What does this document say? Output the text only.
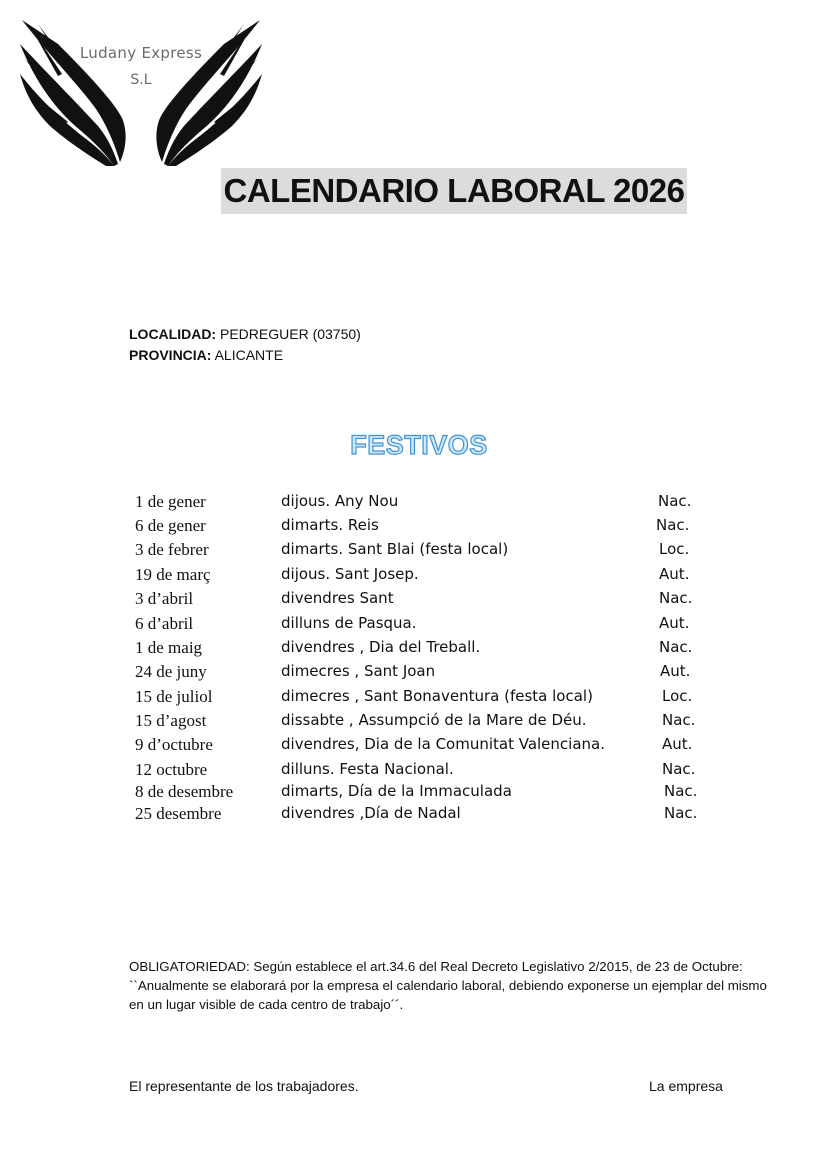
Ludany Express
S.L
CALENDARIO LABORAL 2026
LOCALIDAD: PEDREGUER (03750)
PROVINCIA: ALICANTE
FESTIVOS
1 de gener	dijous. Any Nou	Nac.
6 de gener	dimarts. Reis	Nac.
3 de febrer	dimarts. Sant Blai (festa local)	Loc.
19 de març	dijous. Sant Josep.	Aut.
3 d’abril	divendres Sant	Nac.
6 d’abril	dilluns de Pasqua.	Aut.
1 de maig	divendres , Dia del Treball.	Nac.
24 de juny	dimecres , Sant Joan	Aut.
15 de juliol	dimecres , Sant Bonaventura (festa local)	Loc.
15 d’agost	dissabte , Assumpció de la Mare de Déu.	Nac.
9 d’octubre	divendres, Dia de la Comunitat Valenciana.	Aut.
12 octubre	dilluns. Festa Nacional.	Nac.
8 de desembre	dimarts, Día de la Immaculada	Nac.
25 desembre	divendres ,Día de Nadal	Nac.
OBLIGATORIEDAD: Según establece el art.34.6 del Real Decreto Legislativo 2/2015, de 23 de Octubre: ``Anualmente se elaborará por la empresa el calendario laboral, debiendo exponerse un ejemplar del mismo en un lugar visible de cada centro de trabajo´´.
El representante de los trabajadores.	La empresa
